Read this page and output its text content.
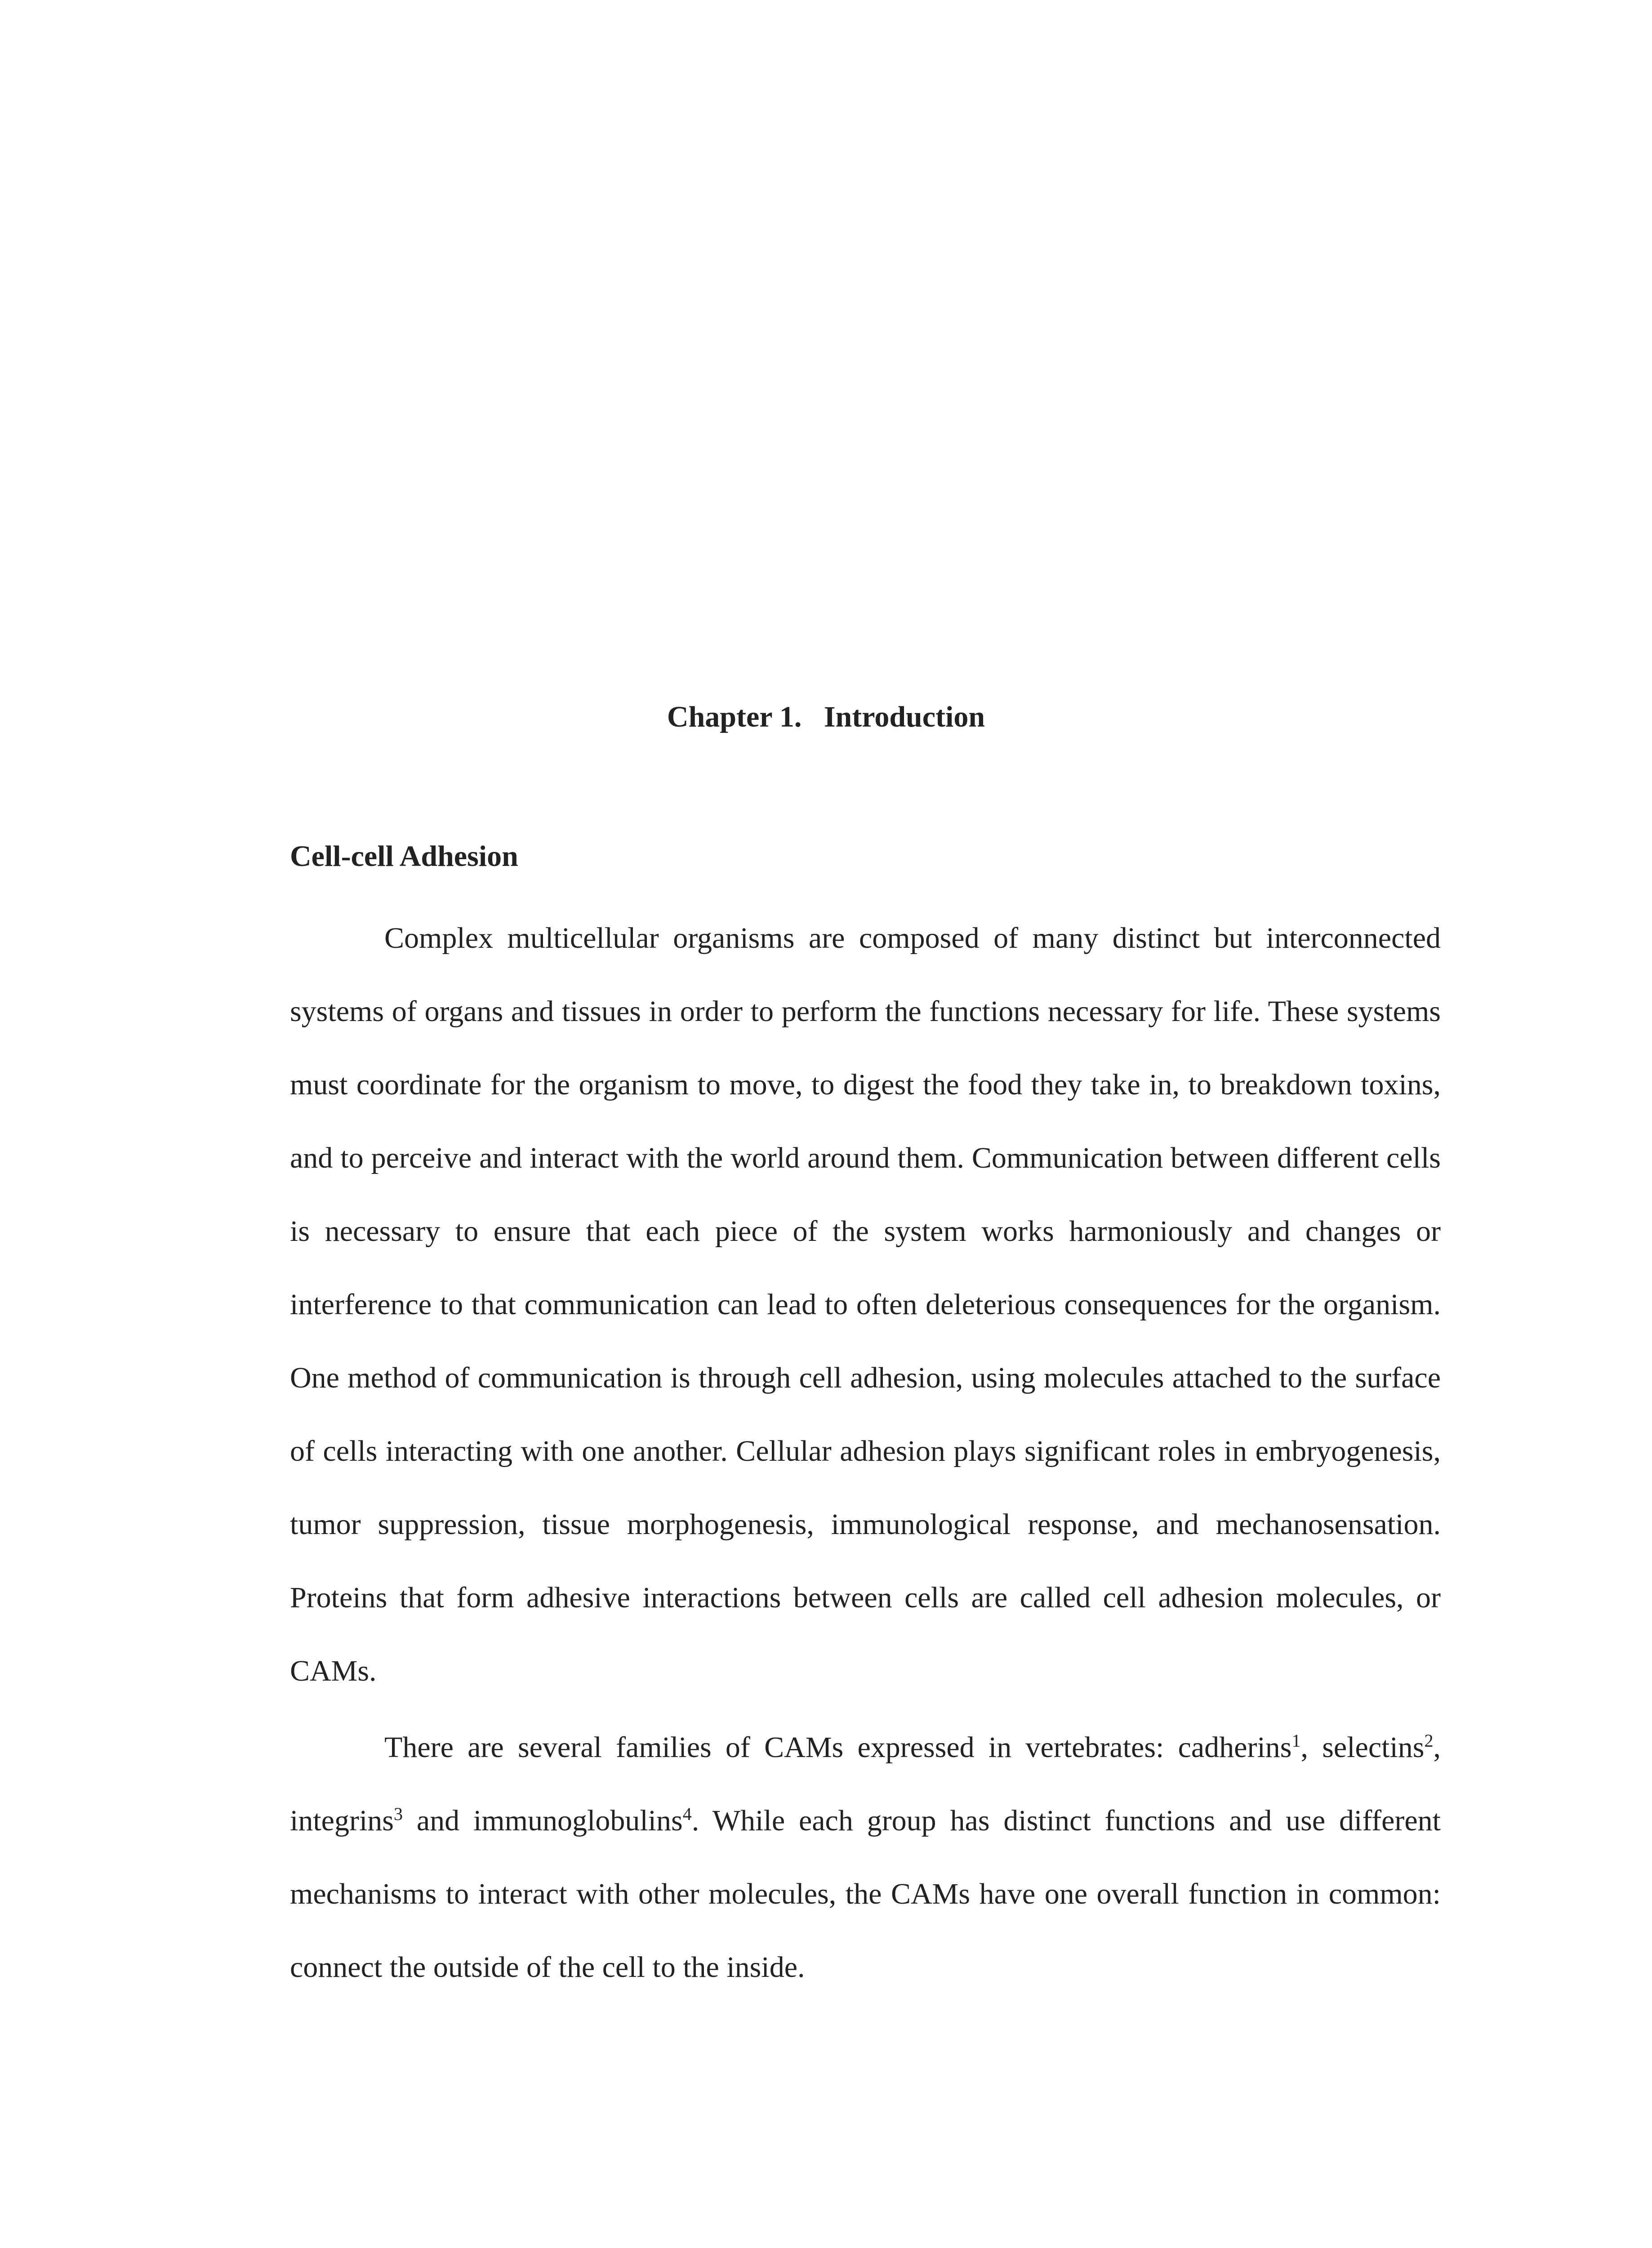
Chapter 1.   Introduction
Cell-cell Adhesion

Complex multicellular organisms are composed of many distinct but interconnected systems of organs and tissues in order to perform the functions necessary for life. These systems must coordinate for the organism to move, to digest the food they take in, to breakdown toxins, and to perceive and interact with the world around them. Communication between different cells is necessary to ensure that each piece of the system works harmoniously and changes or interference to that communication can lead to often deleterious consequences for the organism. One method of communication is through cell adhesion, using molecules attached to the surface of cells interacting with one another. Cellular adhesion plays significant roles in embryogenesis, tumor suppression, tissue morphogenesis, immunological response, and mechanosensation. Proteins that form adhesive interactions between cells are called cell adhesion molecules, or CAMs.

There are several families of CAMs expressed in vertebrates: cadherins$^1$, selectins$^2$, integrins$^3$ and immunoglobulins$^4$. While each group has distinct functions and use different mechanisms to interact with other molecules, the CAMs have one overall function in common: connect the outside of the cell to the inside.
